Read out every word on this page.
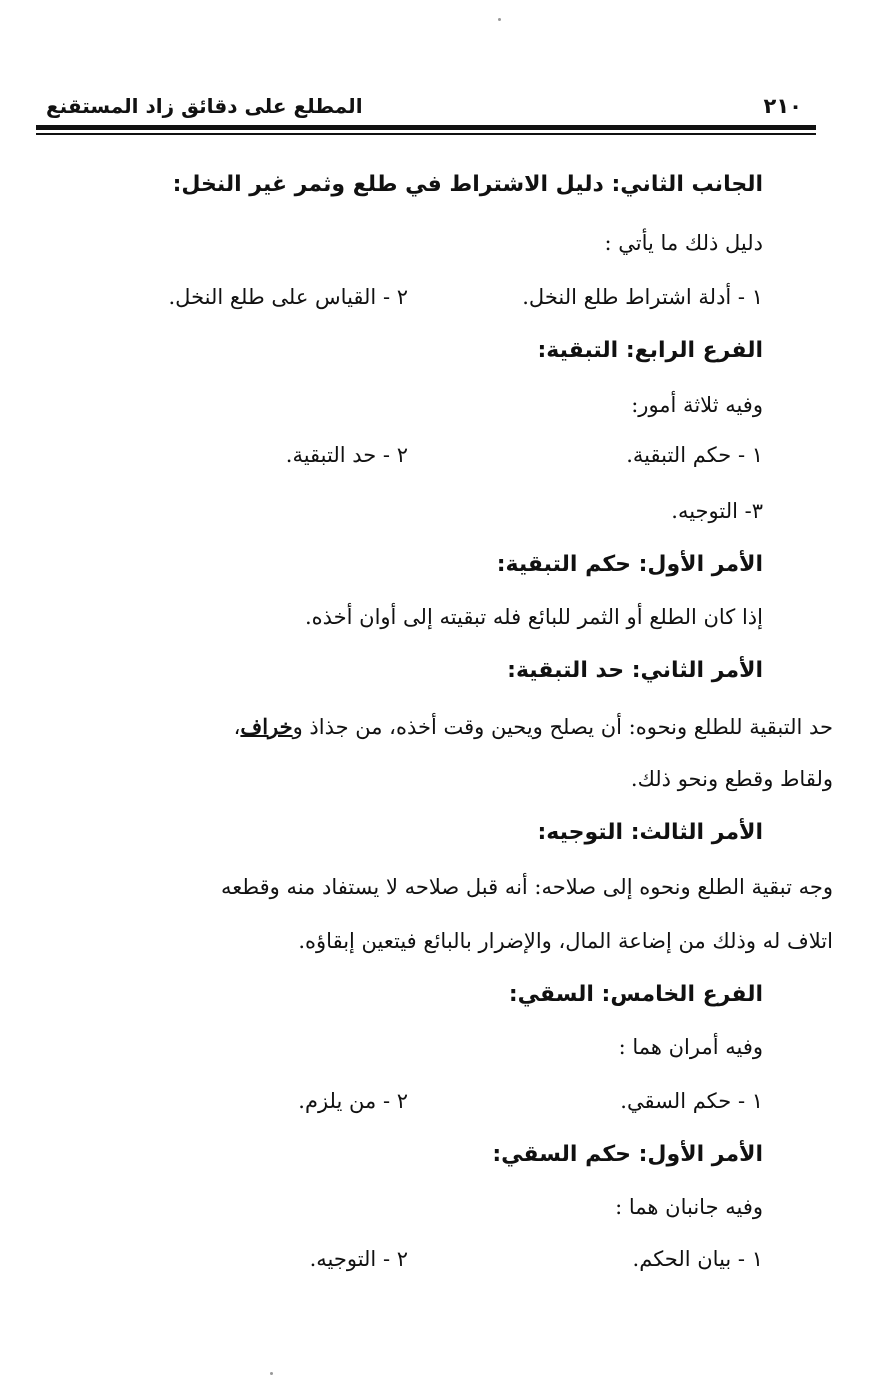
٢١٠
المطلع على دقائق زاد المستقنع
الجانب الثاني: دليل الاشتراط في طلع وثمر غير النخل:
دليل ذلك ما يأتي :
١ - أدلة اشتراط طلع النخل.
٢ - القياس على طلع النخل.
الفرع الرابع: التبقية:
وفيه ثلاثة أمور:
١ - حكم التبقية.
٢ - حد التبقية.
٣- التوجيه.
الأمر الأول: حكم التبقية:
إذا كان الطلع أو الثمر للبائع فله تبقيته إلى أوان أخذه.
الأمر الثاني: حد التبقية:
حد التبقية للطلع ونحوه: أن يصلح ويحين وقت أخذه، من جذاذ وخراف،
ولقاط وقطع ونحو ذلك.
الأمر الثالث: التوجيه:
وجه تبقية الطلع ونحوه إلى صلاحه: أنه قبل صلاحه لا يستفاد منه وقطعه
اتلاف له وذلك من إضاعة المال، والإضرار بالبائع فيتعين إبقاؤه.
الفرع الخامس: السقي:
وفيه أمران هما :
١ - حكم السقي.
٢ - من يلزم.
الأمر الأول: حكم السقي:
وفيه جانبان هما :
١ - بيان الحكم.
٢ - التوجيه.
